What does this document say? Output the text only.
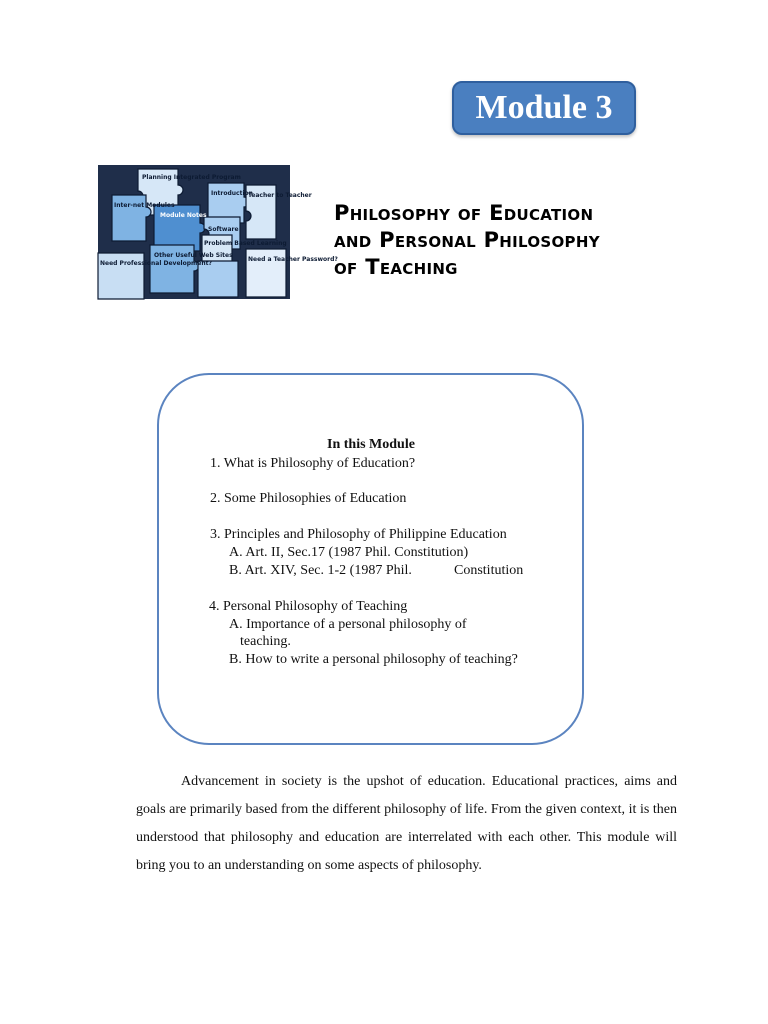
Module 3
Planning Integrated Program
Introduction
Teacher to Teacher
Inter-net Modules
Module Notes
Software
Problem Based Learning
Other Useful Web Sites
Need Professional Development?
Need a Teacher Password?
Philosophy of Education
and Personal Philosophy
of Teaching
In this Module
1. What is Philosophy of Education?
2. Some Philosophies of Education
3. Principles and Philosophy of Philippine Education
A. Art. II, Sec.17 (1987 Phil. Constitution)
B. Art. XIV, Sec. 1-2 (1987 Phil.	Constitution
4. Personal Philosophy of Teaching
A. Importance of a personal philosophy of
teaching.
B. How to write a personal philosophy of teaching?

Advancement in society is the upshot of education. Educational practices, aims and goals are primarily based from the different philosophy of life. From the given context, it is then understood that philosophy and education are interrelated with each other. This module will bring you to an understanding on some aspects of philosophy.
